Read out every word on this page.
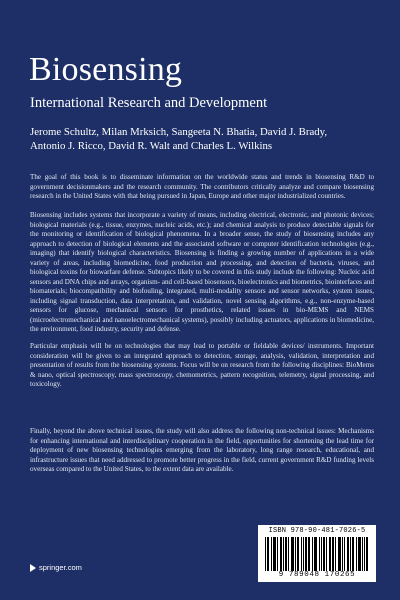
Biosensing
International Research and Development
Jerome Schultz, Milan Mrksich, Sangeeta N. Bhatia, David J. Brady,
Antonio J. Ricco, David R. Walt and Charles L. Wilkins
The goal of this book is to disseminate information on the worldwide status and trends in biosensing R&D to government decisionmakers and the research community. The contributors critically analyze and compare biosensing research in the United States with that being pursued in Japan, Europe and other major industrialized countries.
Biosensing includes systems that incorporate a variety of means, including electrical, electronic, and photonic devices; biological materials (e.g., tissue, enzymes, nucleic acids, etc.); and chemical analysis to produce detectable signals for the monitoring or identification of biological phenomena. In a broader sense, the study of biosensing includes any approach to detection of biological elements and the associated software or computer identification technologies (e.g., imaging) that identify biological characteristics. Biosensing is finding a growing number of applications in a wide variety of areas, including biomedicine, food production and processing, and detection of bacteria, viruses, and biological toxins for biowarfare defense. Subtopics likely to be covered in this study include the following: Nucleic acid sensors and DNA chips and arrays, organism- and cell-based biosensors, bioelectronics and biometrics, biointerfaces and biomaterials; biocompatibility and biofouling, integrated, multi-modality sensors and sensor networks, system issues, including signal transduction, data interpretation, and validation, novel sensing algorithms, e.g., non-enzyme-based sensors for glucose, mechanical sensors for prosthetics, related issues in bio-MEMS and NEMS (microelectromechanical and nanoelectromechanical systems), possibly including actuators, applications in biomedicine, the environment, food industry, security and defense.
Particular emphasis will be on technologies that may lead to portable or fieldable devices/ instruments. Important consideration will be given to an integrated approach to detection, storage, analysis, validation, interpretation and presentation of results from the biosensing systems. Focus will be on research from the following disciplines: BioMems & nano, optical spectroscopy, mass spectroscopy, chemometrics, pattern recognition, telemetry, signal processing, and toxicology.
Finally, beyond the above technical issues, the study will also address the following non-technical issues: Mechanisms for enhancing international and interdisciplinary cooperation in the field, opportunities for shortening the lead time for deployment of new biosensing technologies emerging from the laboratory, long range research, educational, and infrastructure issues that need addressed to promote better progress in the field, current government R&D funding levels overseas compared to the United States, to the extent data are available.
springer.com
ISBN 978-90-481-7026-5
9 789048 170265
